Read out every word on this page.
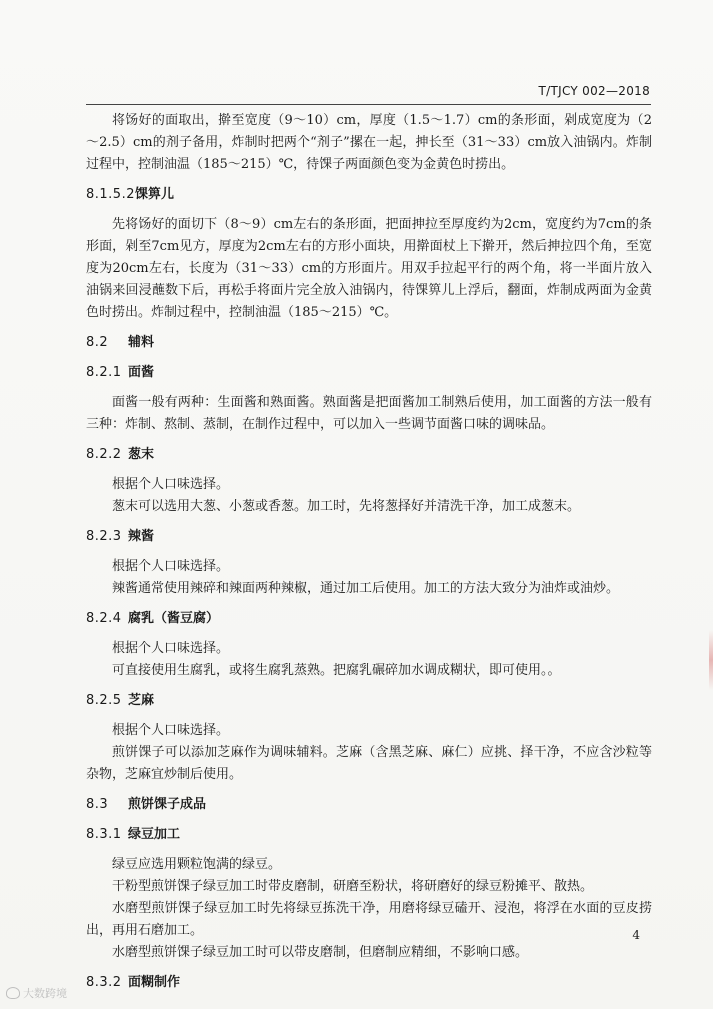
T/TJCY 002—2018

将饧好的面取出，擀至宽度（9～10）cm，厚度（1.5～1.7）cm的条形面，剁成宽度为（2～2.5）cm的剂子备用，炸制时把两个“剂子”摞在一起，抻长至（31～33）cm放入油锅内。炸制过程中，控制油温（185～215）℃，待馃子两面颜色变为金黄色时捞出。

8.1.5.2馃箅儿

先将饧好的面切下（8～9）cm左右的条形面，把面抻拉至厚度约为2cm，宽度约为7cm的条形面，剁至7cm见方，厚度为2cm左右的方形小面块，用擀面杖上下擀开，然后抻拉四个角，至宽度为20cm左右，长度为（31～33）cm的方形面片。用双手拉起平行的两个角，将一半面片放入油锅来回浸蘸数下后，再松手将面片完全放入油锅内，待馃箅儿上浮后，翻面，炸制成两面为金黄色时捞出。炸制过程中，控制油温（185～215）℃。

8.2 辅料
8.2.1 面酱

面酱一般有两种：生面酱和熟面酱。熟面酱是把面酱加工制熟后使用，加工面酱的方法一般有三种：炸制、熬制、蒸制，在制作过程中，可以加入一些调节面酱口味的调味品。

8.2.2 葱末

根据个人口味选择。

葱末可以选用大葱、小葱或香葱。加工时，先将葱择好并清洗干净，加工成葱末。

8.2.3 辣酱

根据个人口味选择。

辣酱通常使用辣碎和辣面两种辣椒，通过加工后使用。加工的方法大致分为油炸或油炒。

8.2.4 腐乳（酱豆腐）

根据个人口味选择。

可直接使用生腐乳，或将生腐乳蒸熟。把腐乳碾碎加水调成糊状，即可使用。。

8.2.5 芝麻

根据个人口味选择。

煎饼馃子可以添加芝麻作为调味辅料。芝麻（含黑芝麻、麻仁）应挑、择干净，不应含沙粒等杂物，芝麻宜炒制后使用。

8.3 煎饼馃子成品
8.3.1 绿豆加工

绿豆应选用颗粒饱满的绿豆。

干粉型煎饼馃子绿豆加工时带皮磨制，研磨至粉状，将研磨好的绿豆粉摊平、散热。

水磨型煎饼馃子绿豆加工时先将绿豆拣洗干净，用磨将绿豆磕开、浸泡，将浮在水面的豆皮捞出，再用石磨加工。

水磨型煎饼馃子绿豆加工时可以带皮磨制，但磨制应精细，不影响口感。

8.3.2 面糊制作
4
大数跨境
